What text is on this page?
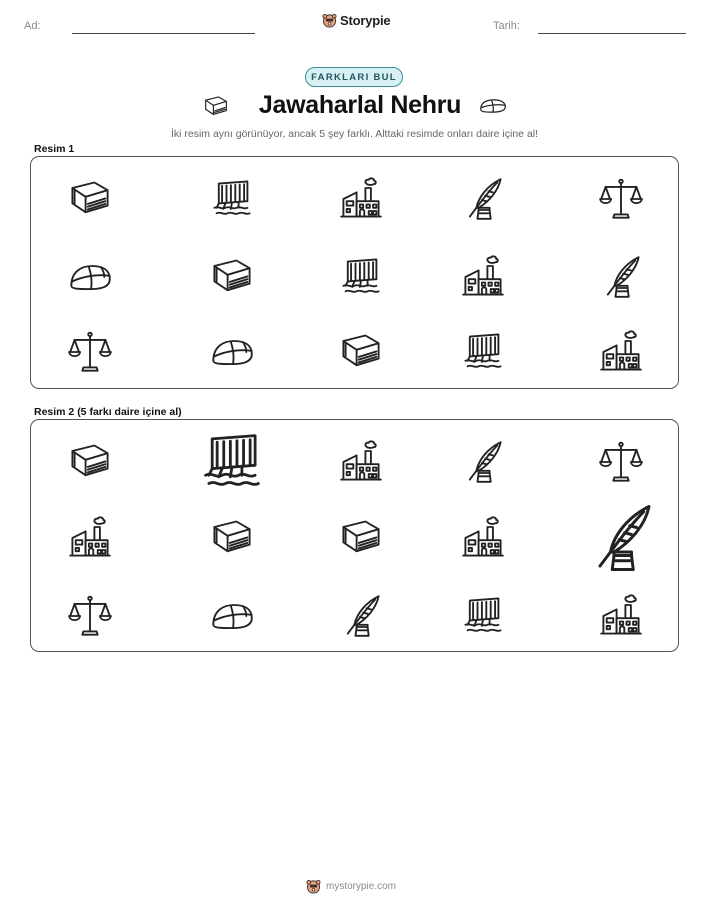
Ad:	Storypie	Tarih:
FARKLARI BUL
Jawaharlal Nehru
İki resim aynı görünüyor, ancak 5 şey farklı. Alttaki resimde onları daire içine al!
Resim 1
Resim 2 (5 farkı daire içine al)
mystorypie.com
